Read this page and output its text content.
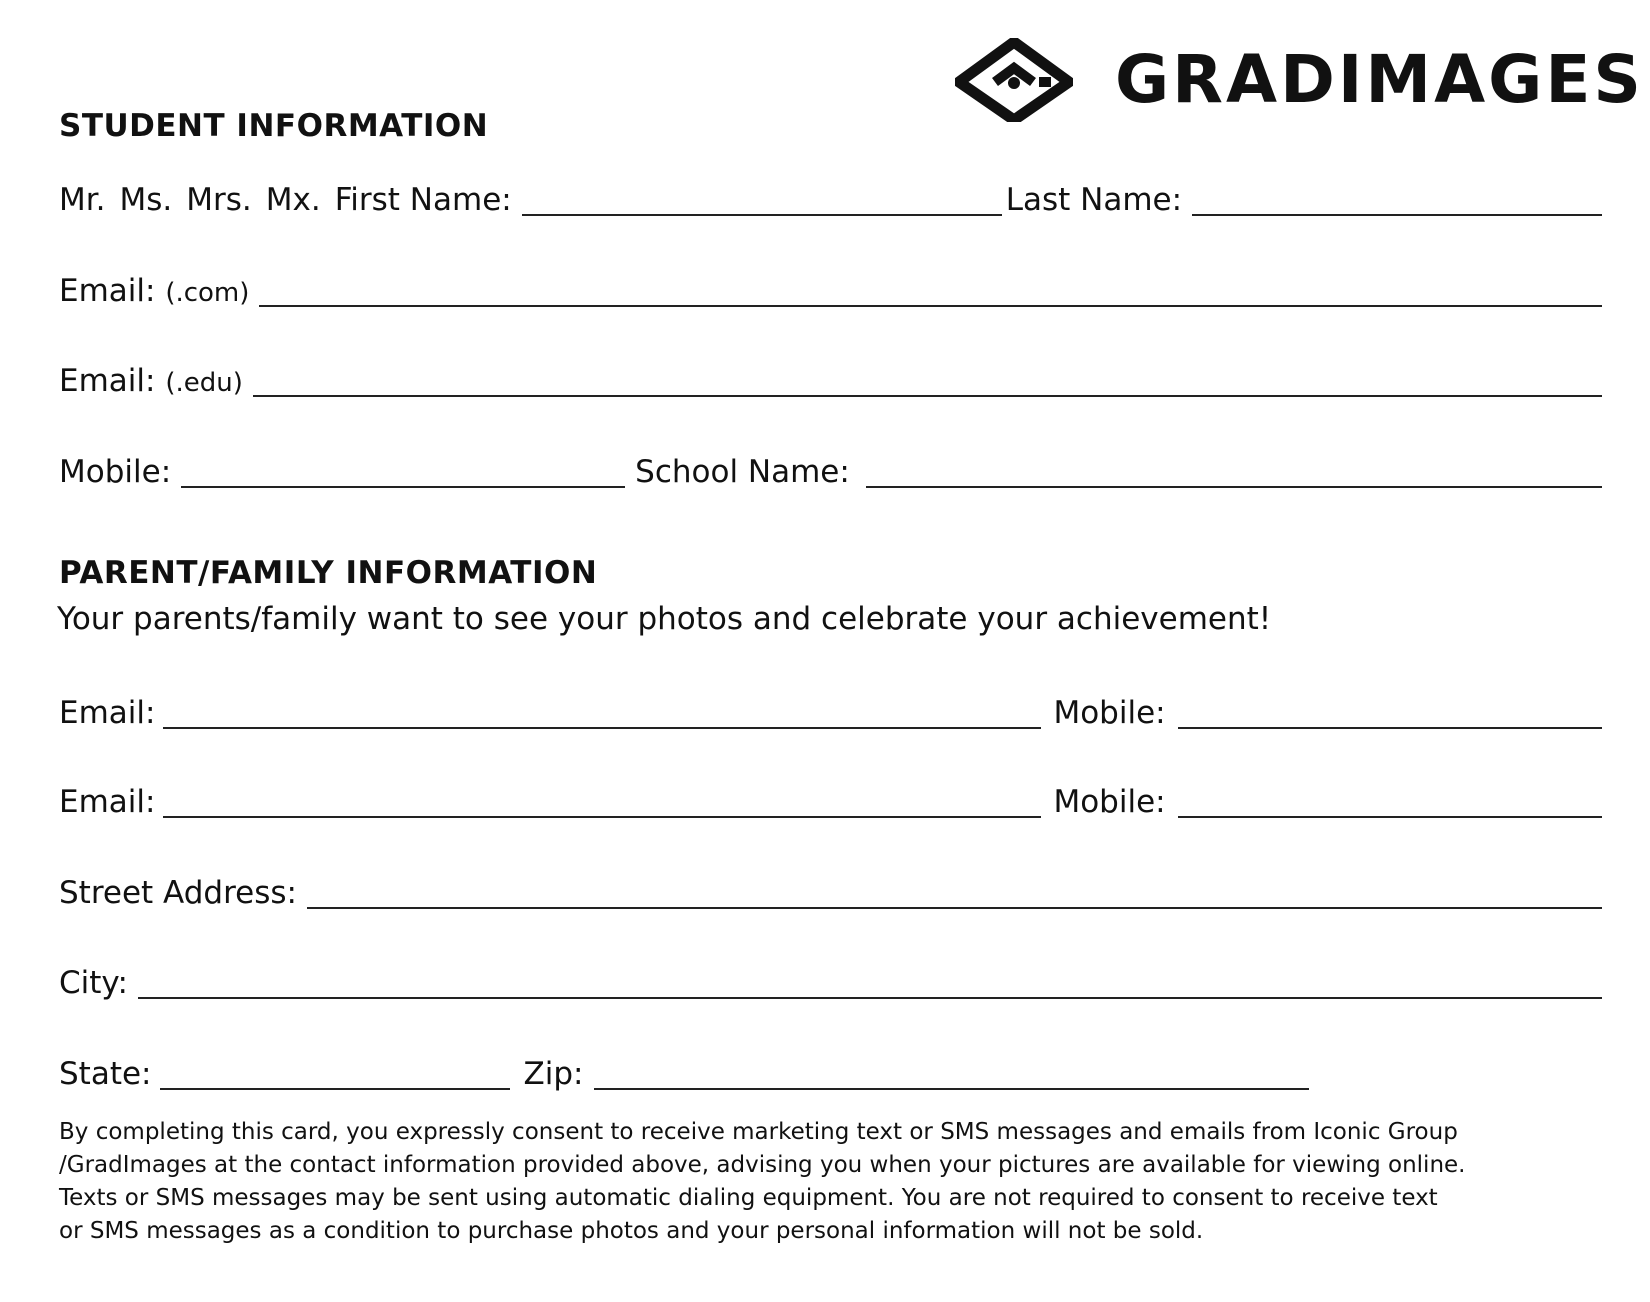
GRADIMAGES
STUDENT INFORMATION
Mr. Ms. Mrs. Mx. First Name:	Last Name:
Email: (.com)
Email: (.edu)
Mobile:	School Name:
PARENT/FAMILY INFORMATION
Your parents/family want to see your photos and celebrate your achievement!
Email:	Mobile:
Email:	Mobile:
Street Address:
City:
State:	Zip:

By completing this card, you expressly consent to receive marketing text or SMS messages and emails from Iconic Group

/GradImages at the contact information provided above, advising you when your pictures are available for viewing online.

Texts or SMS messages may be sent using automatic dialing equipment. You are not required to consent to receive text

or SMS messages as a condition to purchase photos and your personal information will not be sold.
